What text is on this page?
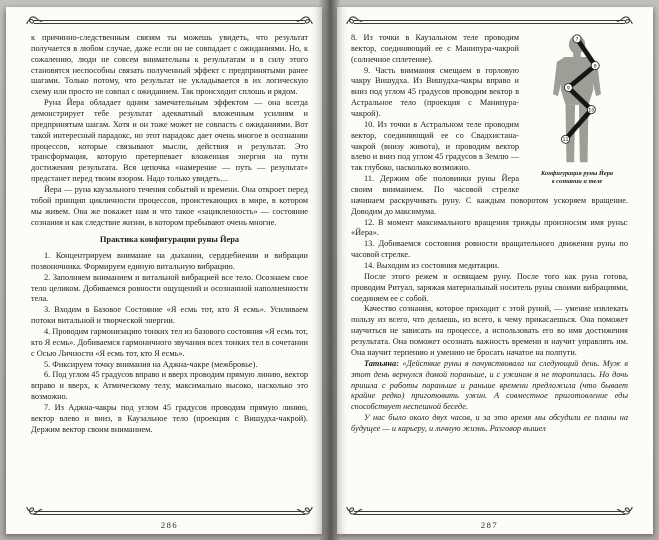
к причинно-следственным связям ты можешь увидеть, что результат получается в любом случае, даже если он не совпадает с ожиданиями. Но, к сожалению, люди не совсем внимательны к результатам и в силу этого становятся неспособны связать полученный эффект с предпринятыми ранее шагами. Только потому, что результат не укладывается в их логическую схему или просто не совпал с ожиданием. Так происходит сплошь и рядом.

Руна Йера обладает одним замечательным эффектом — она всегда демонстрирует тебе результат адекватный вложенным усилиям и предпринятым шагам. Хотя и он тоже может не совпасть с ожиданиями. Вот такой интересный парадокс, но этот парадокс дает очень многое в осознании процессов, которые связывают мысли, действия и результат. Это трансформация, которую претерпевает вложенная энергия на пути достижения результата. Вся цепочка «намерение — путь — результат» предстанет перед твоим взором. Надо только увидеть…

Йера — руна каузального течения событий и времени. Она откроет перед тобой принцип цикличности процессов, проистекающих в мире, в котором мы живем. Она же покажет нам и что такое «зацикленность» — состояние сознания и как следствие жизни, в котором пребывают очень многие.

Практика конфигурации руны Йера

1. Концентрируем внимание на дыхании, сердцебиении и вибрации позвоночника. Формируем единую витальную вибрацию.

2. Заполняем вниманием и витальной вибрацией все тело. Осознаем свое тело целиком. Добиваемся ровности ощущений и осознанной наполненности тела.

3. Входим в Базовое Состояние «Я есмь тот, кто Я есмь». Усиливаем потоки витальной и творческой энергии.

4. Проводим гармонизацию тонких тел из базового состояния «Я есмь тот, кто Я есмь». Добиваемся гармоничного звучания всех тонких тел в сочетании с Осью Личности «Я есмь тот, кто Я есмь».

5. Фиксируем точку внимания на Аджна-чакре (межбровье).

6. Под углом 45 градусов вправо и вверх проводим прямую линию, вектор вправо и вверх, к Атмическому телу, максимально высоко, насколько это возможно.

7. Из Аджна-чакры под углом 45 градусов проводим прямую линию, вектор влево и вниз, в Каузальное тело (проекция с Вишудха-чакрой). Держим вектор своим вниманием.

286
7
8
9
10
11
Конфигурация руны Йера
в сознании и теле

8. Из точки в Каузальном теле проводим вектор, соединяющий ее с Манипура-чакрой (солнечное сплетение).

9. Часть внимания смещаем в горловую чакру Вишудха. Из Вишудха-чакры вправо и вниз под углом 45 градусов проводим вектор в Астральное тело (проекция с Манипура-чакрой).

10. Из точки в Астральном теле проводим вектор, соединяющий ее со Свадхистана-чакрой (внизу живота), и проводим вектор влево и вниз под углом 45 градусов в Землю — так глубоко, насколько возможно.

11. Держим обе половинки руны Йера своим вниманием. По часовой стрелке начинаем раскручивать руну. С каждым поворотом ускоряем вращение. Доводим до максимума.

12. В момент максимального вращения трижды произносим имя руны: «Йера».

13. Добиваемся состояния ровности вращательного движения руны по часовой стрелке.

14. Выходим из состояния медитации.

После этого режем и освящаем руну. После того как руна готова, проводим Ритуал, заряжая материальный носитель руны своими вибрациями, соединяем ее с собой.

Качество сознания, которое приходит с этой руной, — умение извлекать пользу из всего, что делаешь, из всего, к чему прикасаешься. Она поможет научиться не зависать на процессе, а использовать его во имя достижения результата. Она поможет осознать важность времени и научит управлять им. Она научит терпению и умению не бросать начатое на полпути.

Татьяна: «Действие руны я почувствовала на следующий день. Муж в этот день вернулся домой пораньше, и с ужином я не торопилась. Но дочь пришла с работы пораньше и раньше времени предложила (что бывает крайне редко) приготовить ужин. А совместное приготовление еды способствует неспешной беседе.

У нас было около двух часов, и за это время мы обсудили ее планы на будущее — и карьеру, и личную жизнь. Разговор вышел

287
